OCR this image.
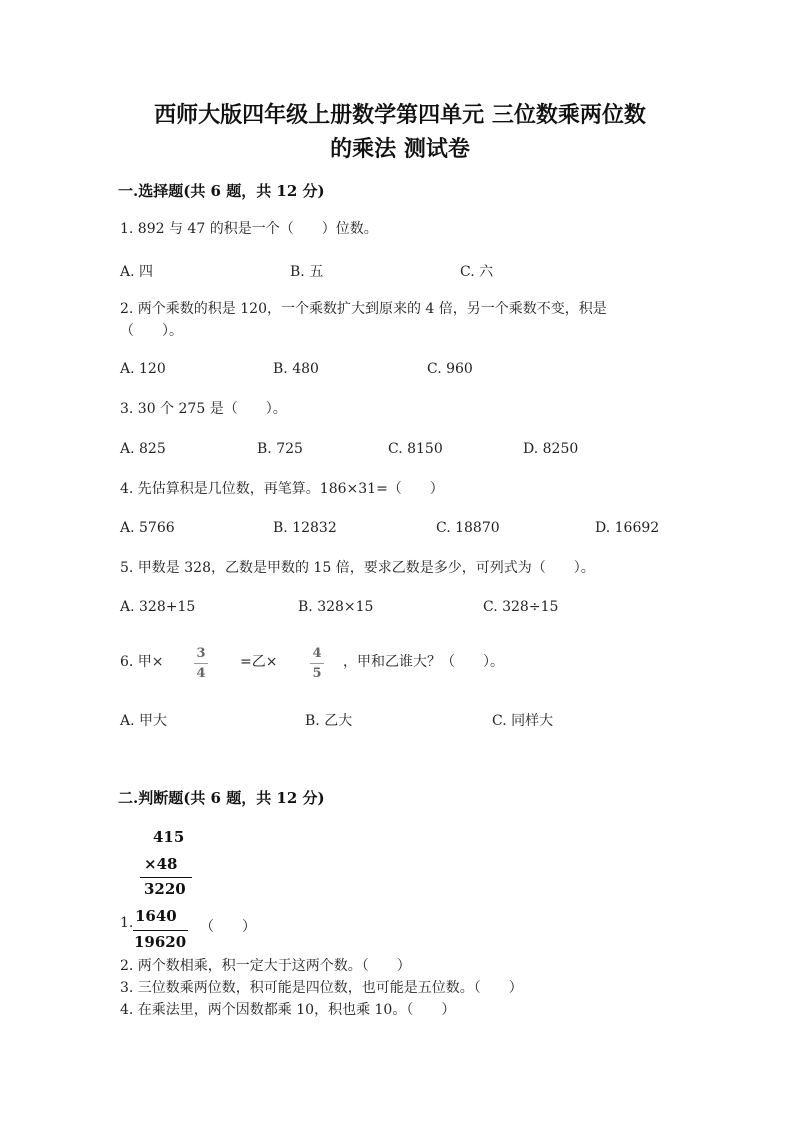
西师大版四年级上册数学第四单元 三位数乘两位数
的乘法 测试卷
一.选择题(共 6 题，共 12 分)
1. 892 与 47 的积是一个（　　）位数。
A. 四	B. 五	C. 六
2. 两个乘数的积是 120，一个乘数扩大到原来的 4 倍，另一个乘数不变，积是
（　　）。
A. 120	B. 480	C. 960
3. 30 个 275 是（　　）。
A. 825	B. 725	C. 8150	D. 8250
4. 先估算积是几位数，再笔算。186×31=（　　）
A. 5766	B. 12832	C. 18870	D. 16692
5. 甲数是 328，乙数是甲数的 15 倍，要求乙数是多少，可列式为（　　）。
A. 328+15	B. 328×15	C. 328÷15
6. 甲×
3
4
=乙×
4
5
，甲和乙谁大？（　　）。
A. 甲大	B. 乙大	C. 同样大
二.判断题(共 6 题，共 12 分)
415
×48
3220
1. 1640
19620
（　　）
2. 两个数相乘，积一定大于这两个数。（　　）
3. 三位数乘两位数，积可能是四位数，也可能是五位数。（　　）
4. 在乘法里，两个因数都乘 10，积也乘 10。（　　）
